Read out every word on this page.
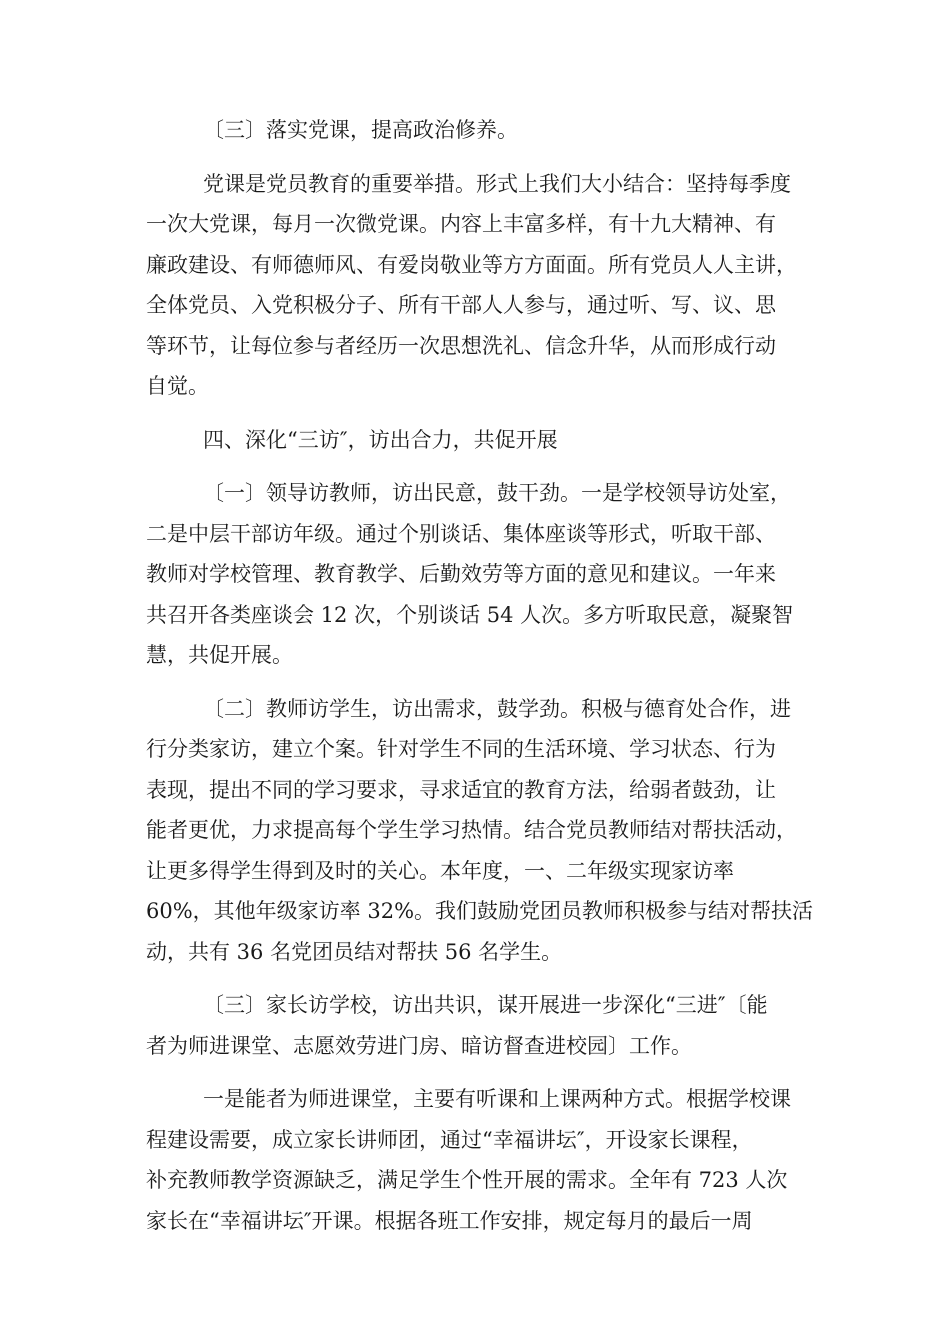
〔三〕落实党课，提高政治修养。
党课是党员教育的重要举措。形式上我们大小结合：坚持每季度
一次大党课，每月一次微党课。内容上丰富多样，有十九大精神、有
廉政建设、有师德师风、有爱岗敬业等方方面面。所有党员人人主讲，
全体党员、入党积极分子、所有干部人人参与，通过听、写、议、思
等环节，让每位参与者经历一次思想洗礼、信念升华，从而形成行动
自觉。
四、深化“三访″，访出合力，共促开展
〔一〕领导访教师，访出民意，鼓干劲。一是学校领导访处室，
二是中层干部访年级。通过个别谈话、集体座谈等形式，听取干部、
教师对学校管理、教育教学、后勤效劳等方面的意见和建议。一年来
共召开各类座谈会 12 次，个别谈话 54 人次。多方听取民意，凝聚智
慧，共促开展。
〔二〕教师访学生，访出需求，鼓学劲。积极与德育处合作，进
行分类家访，建立个案。针对学生不同的生活环境、学习状态、行为
表现，提出不同的学习要求，寻求适宜的教育方法，给弱者鼓劲，让
能者更优，力求提高每个学生学习热情。结合党员教师结对帮扶活动，
让更多得学生得到及时的关心。本年度，一、二年级实现家访率
60%，其他年级家访率 32%。我们鼓励党团员教师积极参与结对帮扶活
动，共有 36 名党团员结对帮扶 56 名学生。
〔三〕家长访学校，访出共识，谋开展进一步深化“三进″〔能
者为师进课堂、志愿效劳进门房、暗访督查进校园〕工作。
一是能者为师进课堂，主要有听课和上课两种方式。根据学校课
程建设需要，成立家长讲师团，通过“幸福讲坛″，开设家长课程，
补充教师教学资源缺乏，满足学生个性开展的需求。全年有 723 人次
家长在“幸福讲坛″开课。根据各班工作安排，规定每月的最后一周
